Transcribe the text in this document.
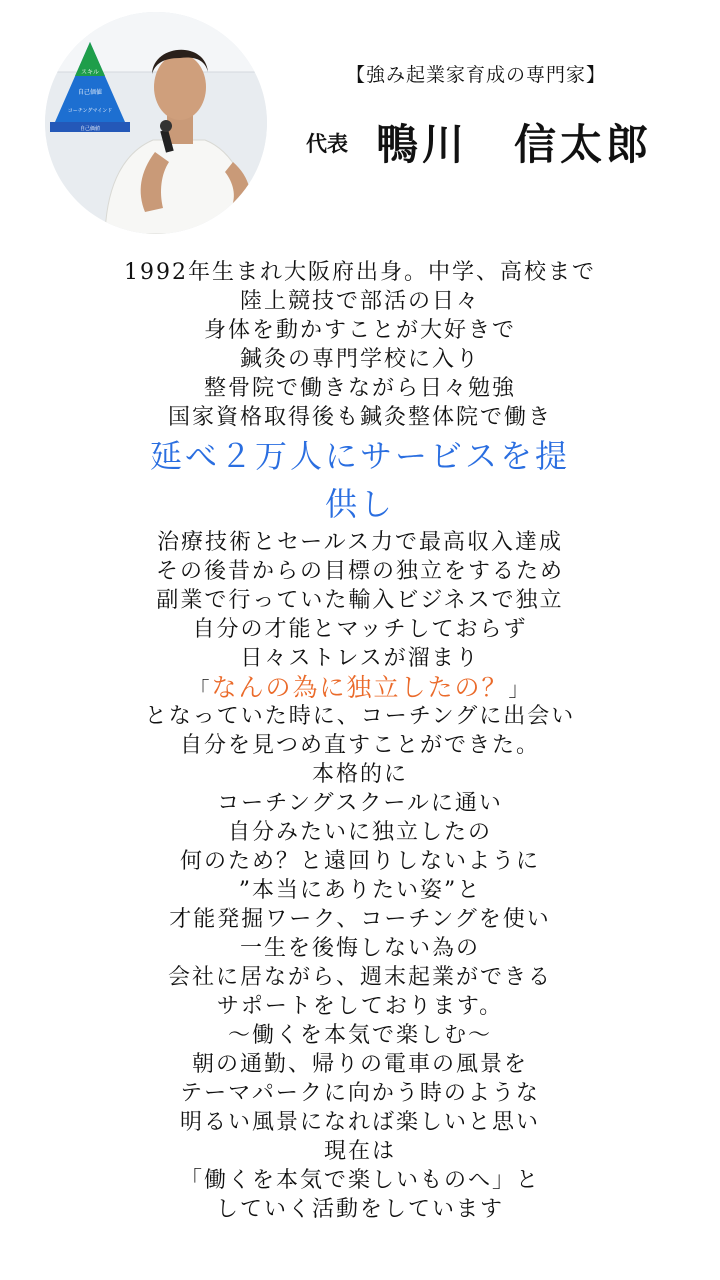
スキル
自己価値
コーチングマインド
自己価値
【強み起業家育成の専門家】
代表 鴨川　信太郎
1992年生まれ大阪府出身。中学、高校まで
陸上競技で部活の日々
身体を動かすことが大好きで
鍼灸の専門学校に入り
整骨院で働きながら日々勉強
国家資格取得後も鍼灸整体院で働き
延べ２万人にサービスを提
供し
治療技術とセールス力で最高収入達成
その後昔からの目標の独立をするため
副業で行っていた輸入ビジネスで独立
自分の才能とマッチしておらず
日々ストレスが溜まり
「なんの為に独立したの？」
となっていた時に、コーチングに出会い
自分を見つめ直すことができた。
本格的に
コーチングスクールに通い
自分みたいに独立したの
何のため？と遠回りしないように
”本当にありたい姿”と
才能発掘ワーク、コーチングを使い
一生を後悔しない為の
会社に居ながら、週末起業ができる
サポートをしております。
～働くを本気で楽しむ～
朝の通勤、帰りの電車の風景を
テーマパークに向かう時のような
明るい風景になれば楽しいと思い
現在は
「働くを本気で楽しいものへ」と
していく活動をしています
